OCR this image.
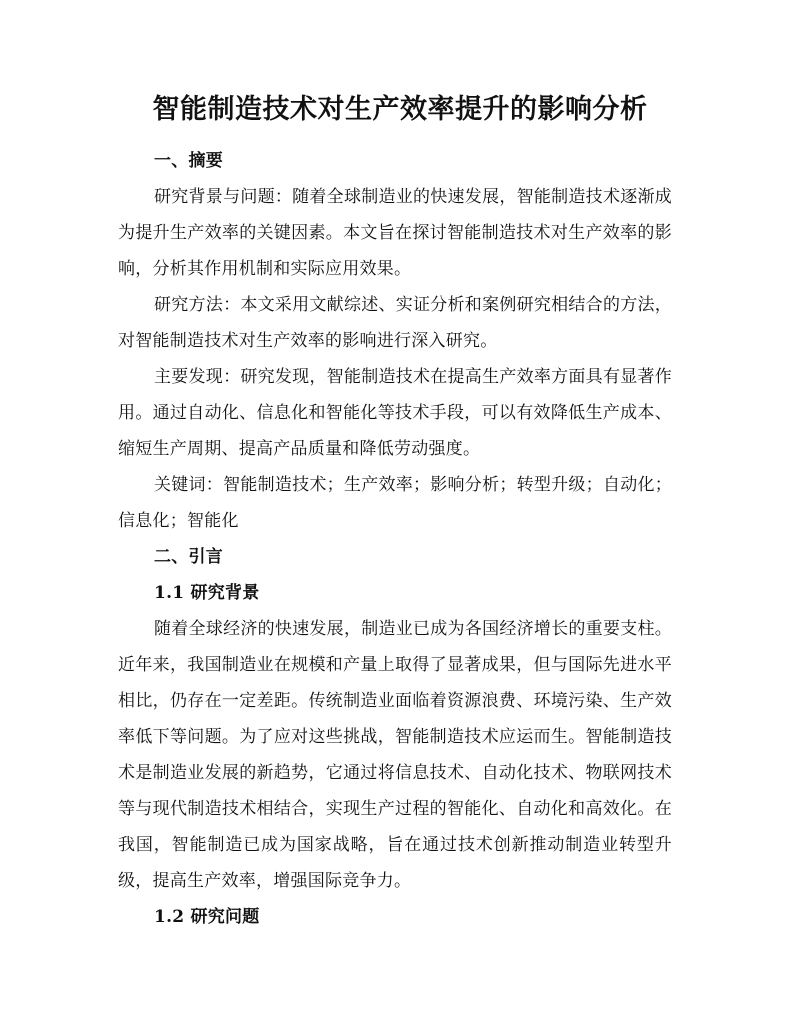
智能制造技术对生产效率提升的影响分析
一、摘要

研究背景与问题：随着全球制造业的快速发展，智能制造技术逐渐成为提升生产效率的关键因素。本文旨在探讨智能制造技术对生产效率的影响，分析其作用机制和实际应用效果。

研究方法：本文采用文献综述、实证分析和案例研究相结合的方法，对智能制造技术对生产效率的影响进行深入研究。

主要发现：研究发现，智能制造技术在提高生产效率方面具有显著作用。通过自动化、信息化和智能化等技术手段，可以有效降低生产成本、缩短生产周期、提高产品质量和降低劳动强度。

关键词：智能制造技术；生产效率；影响分析；转型升级；自动化；信息化；智能化

二、引言
1.1 研究背景

随着全球经济的快速发展，制造业已成为各国经济增长的重要支柱。近年来，我国制造业在规模和产量上取得了显著成果，但与国际先进水平相比，仍存在一定差距。传统制造业面临着资源浪费、环境污染、生产效率低下等问题。为了应对这些挑战，智能制造技术应运而生。智能制造技术是制造业发展的新趋势，它通过将信息技术、自动化技术、物联网技术等与现代制造技术相结合，实现生产过程的智能化、自动化和高效化。在我国，智能制造已成为国家战略，旨在通过技术创新推动制造业转型升级，提高生产效率，增强国际竞争力。

1.2 研究问题
